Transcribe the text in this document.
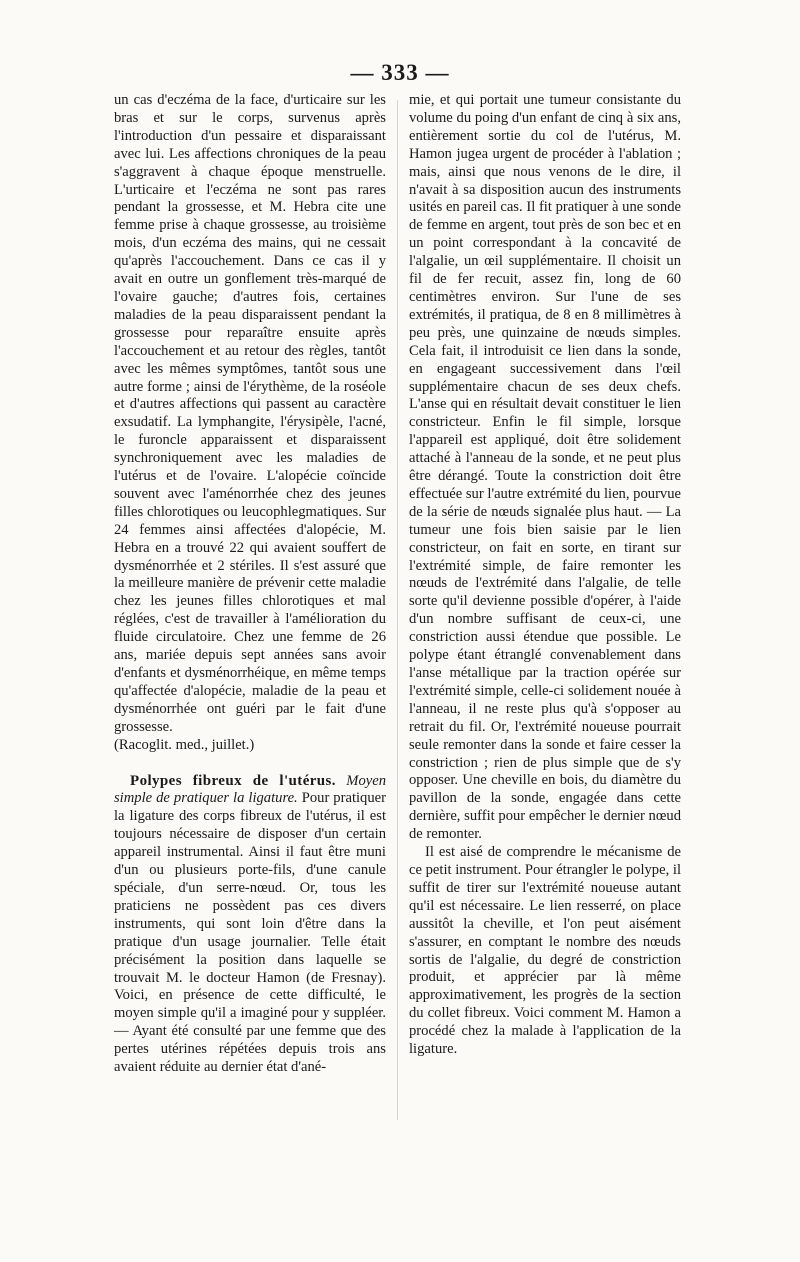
— 333 —

un cas d'eczéma de la face, d'urticaire sur les bras et sur le corps, survenus après l'introduction d'un pessaire et disparaissant avec lui. Les affections chroniques de la peau s'aggravent à chaque époque menstruelle. L'urticaire et l'eczéma ne sont pas rares pendant la grossesse, et M. Hebra cite une femme prise à chaque grossesse, au troisième mois, d'un eczéma des mains, qui ne cessait qu'après l'accouchement. Dans ce cas il y avait en outre un gonflement très-marqué de l'ovaire gauche; d'autres fois, certaines maladies de la peau disparaissent pendant la grossesse pour reparaître ensuite après l'accouchement et au retour des règles, tantôt avec les mêmes symptômes, tantôt sous une autre forme ; ainsi de l'érythème, de la roséole et d'autres affections qui passent au caractère exsudatif. La lymphangite, l'érysipèle, l'acné, le furoncle apparaissent et disparaissent synchroniquement avec les maladies de l'utérus et de l'ovaire. L'alopécie coïncide souvent avec l'aménorrhée chez des jeunes filles chlorotiques ou leucophlegmatiques. Sur 24 femmes ainsi affectées d'alopécie, M. Hebra en a trouvé 22 qui avaient souffert de dysménorrhée et 2 stériles. Il s'est assuré que la meilleure manière de prévenir cette maladie chez les jeunes filles chlorotiques et mal réglées, c'est de travailler à l'amélioration du fluide circulatoire. Chez une femme de 26 ans, mariée depuis sept années sans avoir d'enfants et dysménorrhéique, en même temps qu'affectée d'alopécie, maladie de la peau et dysménorrhée ont guéri par le fait d'une grossesse.

(Racoglit. med., juillet.)

Polypes fibreux de l'utérus. Moyen simple de pratiquer la ligature. Pour pratiquer la ligature des corps fibreux de l'utérus, il est toujours nécessaire de disposer d'un certain appareil instrumental. Ainsi il faut être muni d'un ou plusieurs porte-fils, d'une canule spéciale, d'un serre-nœud. Or, tous les praticiens ne possèdent pas ces divers instruments, qui sont loin d'être dans la pratique d'un usage journalier. Telle était précisément la position dans laquelle se trouvait M. le docteur Hamon (de Fresnay). Voici, en présence de cette difficulté, le moyen simple qu'il a imaginé pour y suppléer. — Ayant été consulté par une femme que des pertes utérines répétées depuis trois ans avaient réduite au dernier état d'ané-

mie, et qui portait une tumeur consistante du volume du poing d'un enfant de cinq à six ans, entièrement sortie du col de l'utérus, M. Hamon jugea urgent de procéder à l'ablation ; mais, ainsi que nous venons de le dire, il n'avait à sa disposition aucun des instruments usités en pareil cas. Il fit pratiquer à une sonde de femme en argent, tout près de son bec et en un point correspondant à la concavité de l'algalie, un œil supplémentaire. Il choisit un fil de fer recuit, assez fin, long de 60 centimètres environ. Sur l'une de ses extrémités, il pratiqua, de 8 en 8 millimètres à peu près, une quinzaine de nœuds simples. Cela fait, il introduisit ce lien dans la sonde, en engageant successivement dans l'œil supplémentaire chacun de ses deux chefs. L'anse qui en résultait devait constituer le lien constricteur. Enfin le fil simple, lorsque l'appareil est appliqué, doit être solidement attaché à l'anneau de la sonde, et ne peut plus être dérangé. Toute la constriction doit être effectuée sur l'autre extrémité du lien, pourvue de la série de nœuds signalée plus haut. — La tumeur une fois bien saisie par le lien constricteur, on fait en sorte, en tirant sur l'extrémité simple, de faire remonter les nœuds de l'extrémité dans l'algalie, de telle sorte qu'il devienne possible d'opérer, à l'aide d'un nombre suffisant de ceux-ci, une constriction aussi étendue que possible. Le polype étant étranglé convenablement dans l'anse métallique par la traction opérée sur l'extrémité simple, celle-ci solidement nouée à l'anneau, il ne reste plus qu'à s'opposer au retrait du fil. Or, l'extrémité noueuse pourrait seule remonter dans la sonde et faire cesser la constriction ; rien de plus simple que de s'y opposer. Une cheville en bois, du diamètre du pavillon de la sonde, engagée dans cette dernière, suffit pour empêcher le dernier nœud de remonter.

Il est aisé de comprendre le mécanisme de ce petit instrument. Pour étrangler le polype, il suffit de tirer sur l'extrémité noueuse autant qu'il est nécessaire. Le lien resserré, on place aussitôt la cheville, et l'on peut aisément s'assurer, en comptant le nombre des nœuds sortis de l'algalie, du degré de constriction produit, et apprécier par là même approximativement, les progrès de la section du collet fibreux. Voici comment M. Hamon a procédé chez la malade à l'application de la ligature.
